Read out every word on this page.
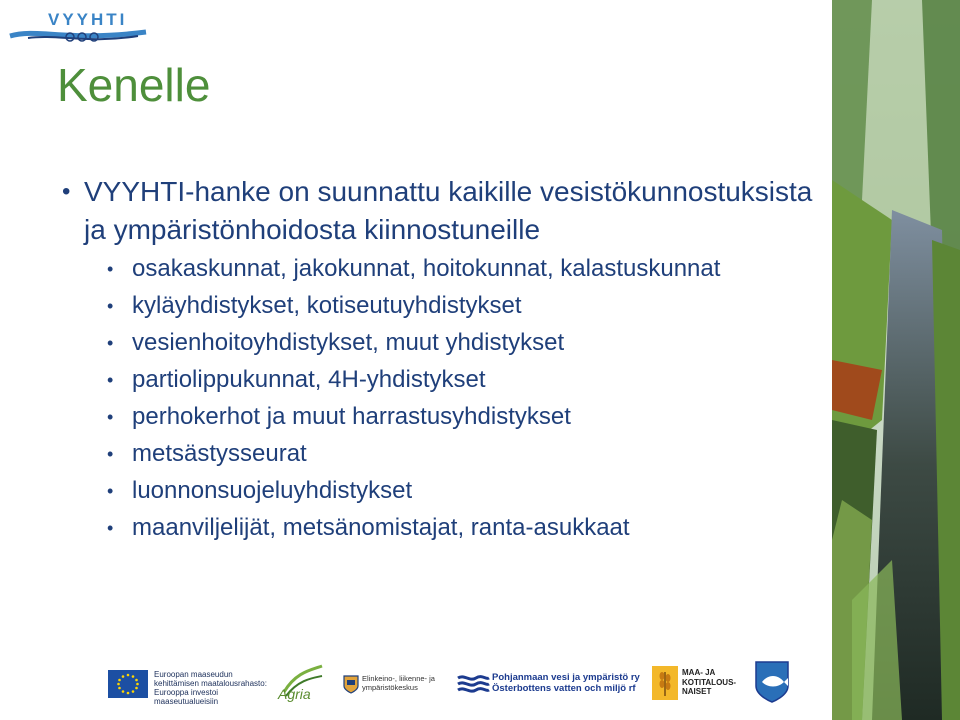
VYYHTI
Kenelle
• VYYHTI-hanke on suunnattu kaikille vesistökunnostuksista ja ympäristönhoidosta kiinnostuneille
• osakaskunnat, jakokunnat, hoitokunnat, kalastuskunnat
• kyläyhdistykset, kotiseutuyhdistykset
• vesienhoitoyhdistykset, muut yhdistykset
• partiolippukunnat, 4H-yhdistykset
• perhokerhot ja muut harrastusyhdistykset
• metsästysseurat
• luonnonsuojeluyhdistykset
• maanviljelijät, metsänomistajat, ranta-asukkaat
Euroopan maaseudun
kehittämisen maatalousrahasto:
Eurooppa investoi maaseutualueisiin	Agria
Elinkeino-, liikenne- ja
ympäristökeskus
Pohjanmaan vesi ja ympäristö ry
Österbottens vatten och miljö rf
MAA- JA
KOTITALOUS-
NAISET
